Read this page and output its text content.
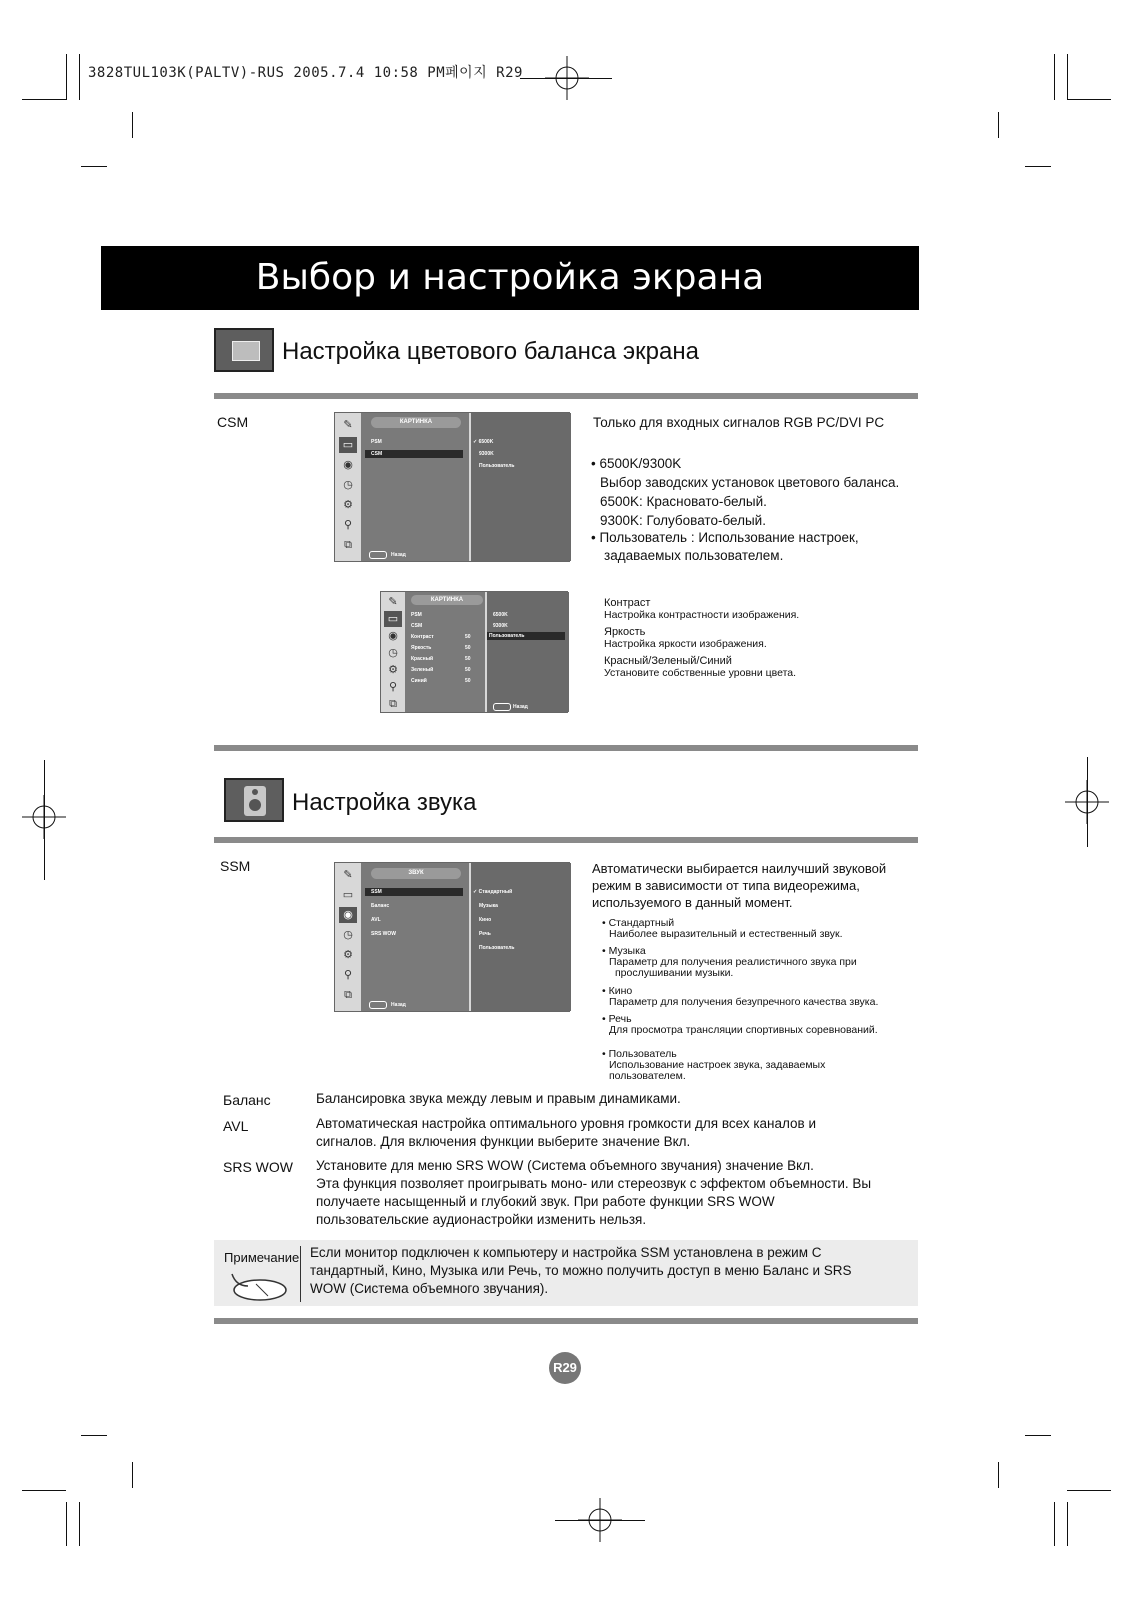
3828TUL103K(PALTV)-RUS 2005.7.4 10:58 PM페이지 R29
Выбор и настройка экрана
Настройка цветового баланса экрана
CSM	✎
▭
◉
◷
⚙
⚲
⧉
КАРТИНКА
PSM
CSM
✓ 6500K
9300K
Пользователь
Назад
Только для входных сигналов RGB PC/DVI PC
• 6500K/9300K
Выбор заводских установок цветового баланса.
6500K: Красновато-белый.
9300K: Голубовато-белый.
• Пользователь : Использование настроек,
задаваемых пользователем.
✎
▭
◉
◷
⚙
⚲
⧉
КАРТИНКА
PSM
CSM
Контраст
Яркость
Красный
Зеленый
Синий
50
50
50
50
50
6500K
9300K
Пользователь
Назад
Контраст
Настройка контрастности изображения.
Яркость
Настройка яркости изображения.
Красный/Зеленый/Синий
Установите собственные уровни цвета.
Настройка звука
SSM
✎
▭
◉
◷
⚙
⚲
⧉
ЗВУК
SSM
Баланс
AVL
SRS WOW
✓ Стандартный
Музыка
Кино
Речь
Пользователь
Назад
Автоматически выбирается наилучший звуковой
режим в зависимости от типа видеорежима,
используемого в данный момент.
• Стандартный
Наиболее выразительный и естественный звук.
• Музыка
Параметр для получения реалистичного звука при
прослушивании музыки.
• Кино
Параметр для получения безупречного качества звука.
• Речь
Для просмотра трансляции спортивных соревнований.
• Пользователь
Использование настроек звука, задаваемых
пользователем.
Баланс	Балансировка звука между левым и правым динамиками.
AVL	Автоматическая настройка оптимального уровня громкости для всех каналов и
сигналов. Для включения функции выберите значение Вкл.
SRS WOW Установите для меню SRS WOW (Система объемного звучания) значение Вкл.
Эта функция позволяет проигрывать моно- или стереозвук с эффектом объемности. Вы
получаете насыщенный и глубокий звук. При работе функции SRS WOW
пользовательские аудионастройки изменить нельзя.
Примечание Если монитор подключен к компьютеру и настройка SSM установлена в режим С
тандартный, Кино, Музыка или Речь, то можно получить доступ в меню Баланс и SRS
WOW (Система объемного звучания).
R29
